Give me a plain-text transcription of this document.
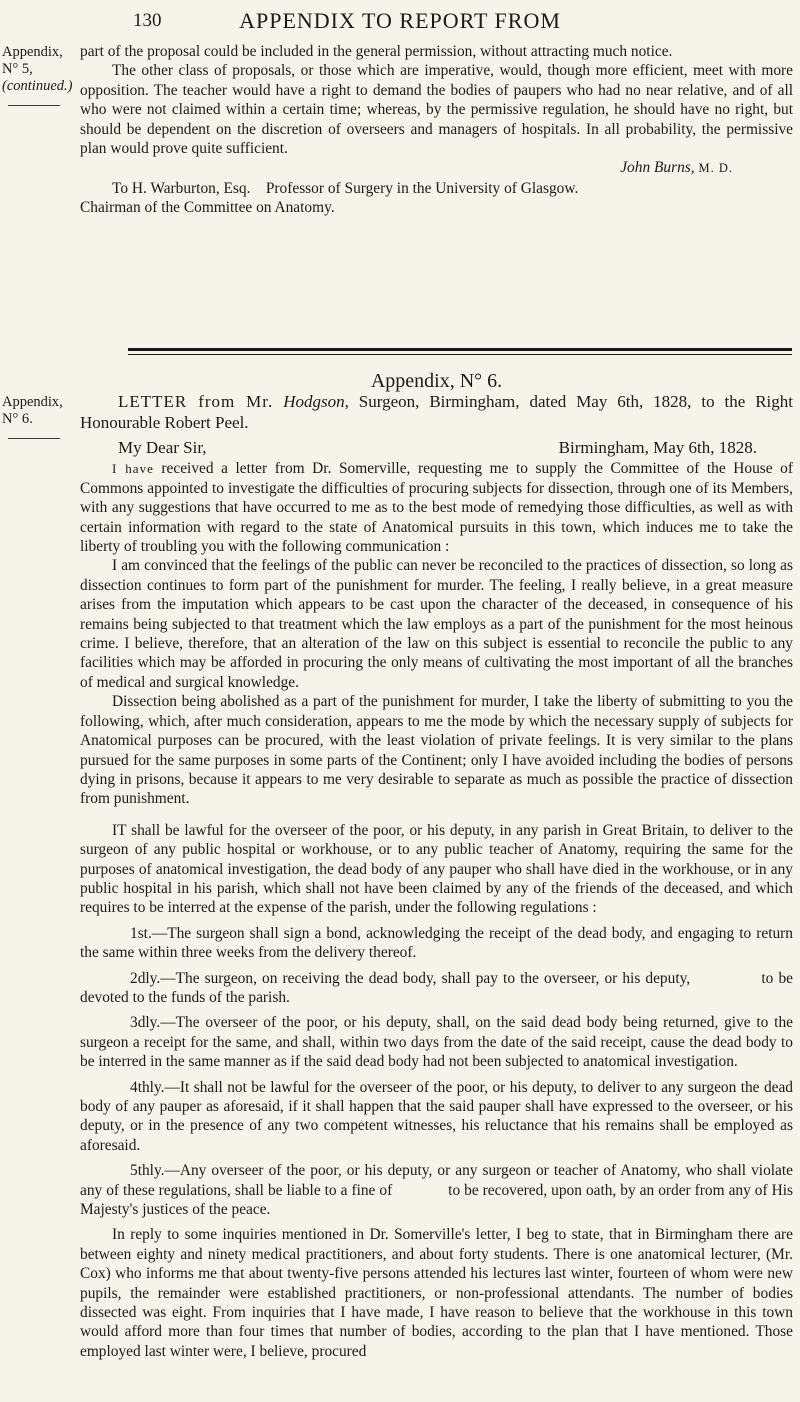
130	APPENDIX TO REPORT FROM
Appendix, N° 5,
(continued.)
Appendix, N° 6.

part of the proposal could be included in the general permission, without attracting much notice.

The other class of proposals, or those which are imperative, would, though more efficient, meet with more opposition. The teacher would have a right to demand the bodies of paupers who had no near relative, and of all who were not claimed within a certain time; whereas, by the permissive regulation, he should have no right, but should be dependent on the discretion of overseers and managers of hospitals. In all probability, the permissive plan would prove quite sufficient.

John Burns, M. D.

To H. Warburton, Esq.    Professor of Surgery in the University of Glasgow.

Chairman of the Committee on Anatomy.

Appendix, N° 6.

LETTER from Mr. Hodgson, Surgeon, Birmingham, dated May 6th, 1828, to the Right Honourable Robert Peel.

My Dear Sir,	Birmingham, May 6th, 1828.

I have received a letter from Dr. Somerville, requesting me to supply the Committee of the House of Commons appointed to investigate the difficulties of procuring subjects for dissection, through one of its Members, with any suggestions that have occurred to me as to the best mode of remedying those difficulties, as well as with certain information with regard to the state of Anatomical pursuits in this town, which induces me to take the liberty of troubling you with the following communication :

I am convinced that the feelings of the public can never be reconciled to the practices of dissection, so long as dissection continues to form part of the punishment for murder. The feeling, I really believe, in a great measure arises from the imputation which appears to be cast upon the character of the deceased, in consequence of his remains being subjected to that treatment which the law employs as a part of the punishment for the most heinous crime. I believe, therefore, that an alteration of the law on this subject is essential to reconcile the public to any facilities which may be afforded in procuring the only means of cultivating the most important of all the branches of medical and surgical knowledge.

Dissection being abolished as a part of the punishment for murder, I take the liberty of submitting to you the following, which, after much consideration, appears to me the mode by which the necessary supply of subjects for Anatomical purposes can be procured, with the least violation of private feelings. It is very similar to the plans pursued for the same purposes in some parts of the Continent; only I have avoided including the bodies of persons dying in prisons, because it appears to me very desirable to separate as much as possible the practice of dissection from punishment.

IT shall be lawful for the overseer of the poor, or his deputy, in any parish in Great Britain, to deliver to the surgeon of any public hospital or workhouse, or to any public teacher of Anatomy, requiring the same for the purposes of anatomical investigation, the dead body of any pauper who shall have died in the workhouse, or in any public hospital in his parish, which shall not have been claimed by any of the friends of the deceased, and which requires to be interred at the expense of the parish, under the following regulations :

1st.—The surgeon shall sign a bond, acknowledging the receipt of the dead body, and engaging to return the same within three weeks from the delivery thereof.

2dly.—The surgeon, on receiving the dead body, shall pay to the overseer, or his deputy,              to be devoted to the funds of the parish.

3dly.—The overseer of the poor, or his deputy, shall, on the said dead body being returned, give to the surgeon a receipt for the same, and shall, within two days from the date of the said receipt, cause the dead body to be interred in the same manner as if the said dead body had not been subjected to anatomical investigation.

4thly.—It shall not be lawful for the overseer of the poor, or his deputy, to deliver to any surgeon the dead body of any pauper as aforesaid, if it shall happen that the said pauper shall have expressed to the overseer, or his deputy, or in the presence of any two competent witnesses, his reluctance that his remains shall be employed as aforesaid.

5thly.—Any overseer of the poor, or his deputy, or any surgeon or teacher of Anatomy, who shall violate any of these regulations, shall be liable to a fine of              to be recovered, upon oath, by an order from any of His Majesty's justices of the peace.

In reply to some inquiries mentioned in Dr. Somerville's letter, I beg to state, that in Birmingham there are between eighty and ninety medical practitioners, and about forty students. There is one anatomical lecturer, (Mr. Cox) who informs me that about twenty-five persons attended his lectures last winter, fourteen of whom were new pupils, the remainder were established practitioners, or non-professional attendants. The number of bodies dissected was eight. From inquiries that I have made, I have reason to believe that the workhouse in this town would afford more than four times that number of bodies, according to the plan that I have mentioned. Those employed last winter were, I believe, procured
